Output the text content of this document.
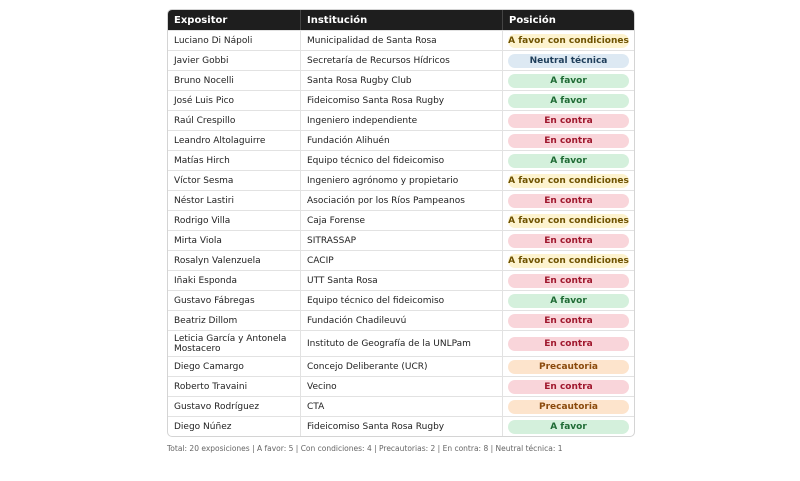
Expositor	Institución	Posición
Luciano Di Nápoli	Municipalidad de Santa Rosa	A favor con condiciones

Javier Gobbi	Secretaría de Recursos Hídricos	Neutral técnica

Bruno Nocelli	Santa Rosa Rugby Club	A favor

José Luis Pico	Fideicomiso Santa Rosa Rugby	A favor

Raúl Crespillo	Ingeniero independiente	En contra

Leandro Altolaguirre	Fundación Alihuén	En contra

Matías Hirch	Equipo técnico del fideicomiso	A favor

Víctor Sesma	Ingeniero agrónomo y propietario	A favor con condiciones

Néstor Lastiri	Asociación por los Ríos Pampeanos	En contra

Rodrigo Villa	Caja Forense	A favor con condiciones

Mirta Viola	SITRASSAP	En contra

Rosalyn Valenzuela	CACIP	A favor con condiciones

Iñaki Esponda	UTT Santa Rosa	En contra

Gustavo Fábregas	Equipo técnico del fideicomiso	A favor

Beatriz Dillom	Fundación Chadileuvú	En contra

Leticia García y Antonela Mostacero	Instituto de Geografía de la UNLPam	En contra

Diego Camargo	Concejo Deliberante (UCR)	Precautoria

Roberto Travaini	Vecino	En contra

Gustavo Rodríguez	CTA	Precautoria

Diego Núñez	Fideicomiso Santa Rosa Rugby	A favor
Total: 20 exposiciones | A favor: 5 | Con condiciones: 4 | Precautorias: 2 | En contra: 8 | Neutral técnica: 1
